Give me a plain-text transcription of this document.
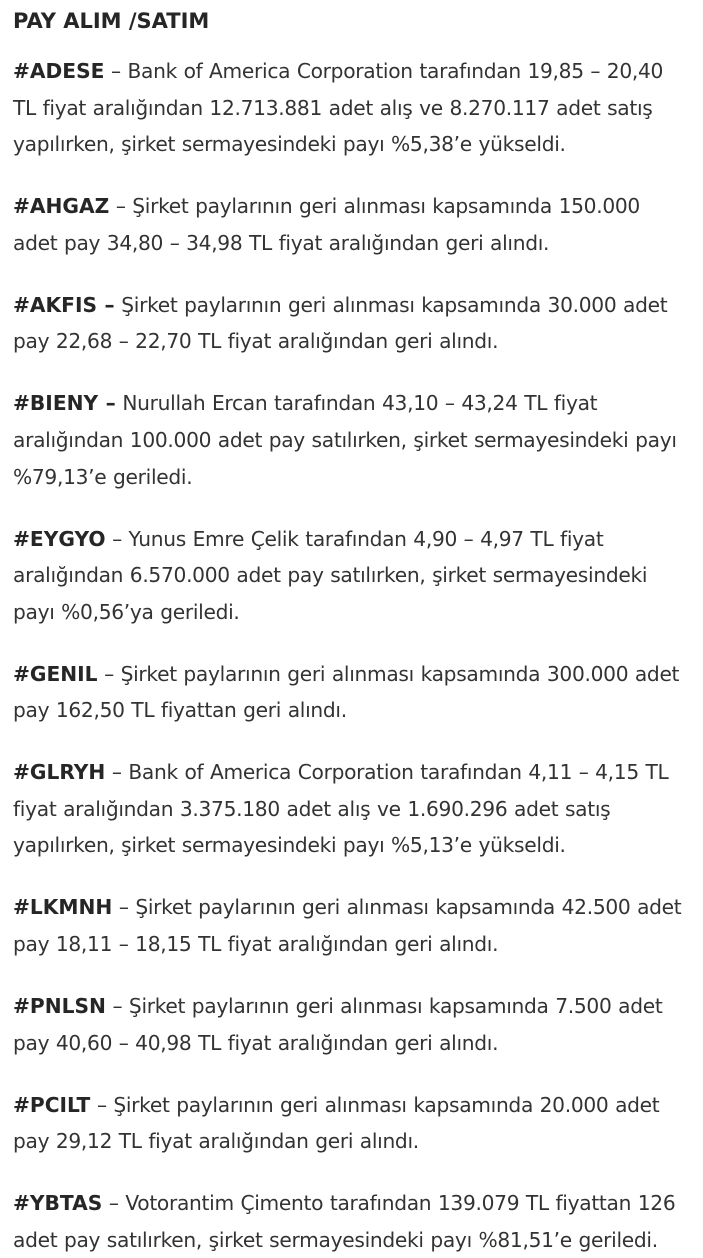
PAY ALIM /SATIM
#ADESE – Bank of America Corporation tarafından 19,85 – 20,40 TL fiyat aralığından 12.713.881 adet alış ve 8.270.117 adet satış yapılırken, şirket sermayesindeki payı %5,38’e yükseldi.
#AHGAZ – Şirket paylarının geri alınması kapsamında 150.000 adet pay 34,80 – 34,98 TL fiyat aralığından geri alındı.
#AKFIS – Şirket paylarının geri alınması kapsamında 30.000 adet pay 22,68 – 22,70 TL fiyat aralığından geri alındı.
#BIENY – Nurullah Ercan tarafından 43,10 – 43,24 TL fiyat aralığından 100.000 adet pay satılırken, şirket sermayesindeki payı %79,13’e geriledi.
#EYGYO – Yunus Emre Çelik tarafından 4,90 – 4,97 TL fiyat aralığından 6.570.000 adet pay satılırken, şirket sermayesindeki payı %0,56’ya geriledi.
#GENIL – Şirket paylarının geri alınması kapsamında 300.000 adet pay 162,50 TL fiyattan geri alındı.
#GLRYH – Bank of America Corporation tarafından 4,11 – 4,15 TL fiyat aralığından 3.375.180 adet alış ve 1.690.296 adet satış yapılırken, şirket sermayesindeki payı %5,13’e yükseldi.
#LKMNH – Şirket paylarının geri alınması kapsamında 42.500 adet pay 18,11 – 18,15 TL fiyat aralığından geri alındı.
#PNLSN – Şirket paylarının geri alınması kapsamında 7.500 adet pay 40,60 – 40,98 TL fiyat aralığından geri alındı.
#PCILT – Şirket paylarının geri alınması kapsamında 20.000 adet pay 29,12 TL fiyat aralığından geri alındı.
#YBTAS – Votorantim Çimento tarafından 139.079 TL fiyattan 126 adet pay satılırken, şirket sermayesindeki payı %81,51’e geriledi.
